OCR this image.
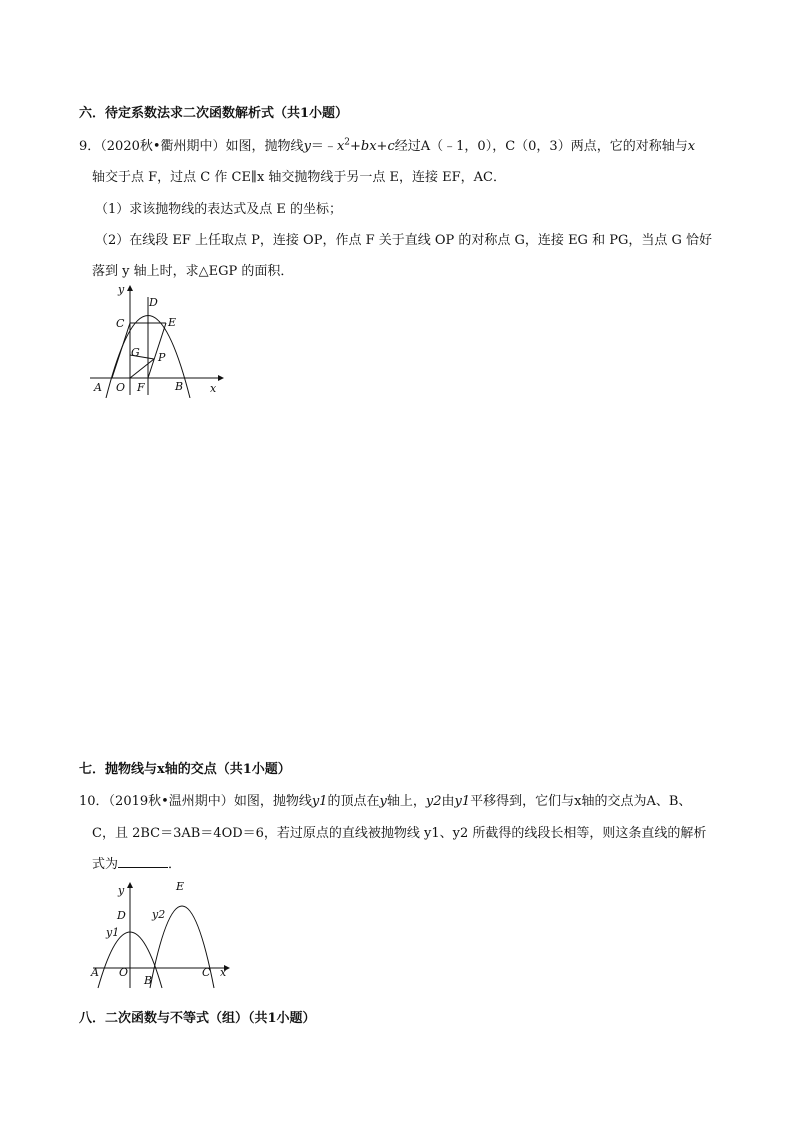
六．待定系数法求二次函数解析式（共1小题）
9．（2020秋•衢州期中）如图，抛物线$y=﹣x^2+bx+c$经过A（﹣1，0），C（0，3）两点，它的对称轴与x
轴交于点 F，过点 C 作 CE∥x 轴交抛物线于另一点 E，连接 EF，AC．
（1）求该抛物线的表达式及点 E 的坐标；
（2）在线段 EF 上任取点 P，连接 OP，作点 F 关于直线 OP 的对称点 G，连接 EG 和 PG，当点 G 恰好
落到 y 轴上时，求△EGP 的面积．
y
D
C	E
G P
A O F	B x
七．抛物线与x轴的交点（共1小题）
10．（2019秋•温州期中）如图，抛物线y1的顶点在y轴上，y2由y1平移得到，它们与x轴的交点为A、B、
C，且 2BC＝3AB＝4OD＝6，若过原点的直线被抛物线 y1、y2 所截得的线段长相等，则这条直线的解析
式为	．
y
D
y1
y2
E
A O
B
C x
八．二次函数与不等式（组）（共1小题）
